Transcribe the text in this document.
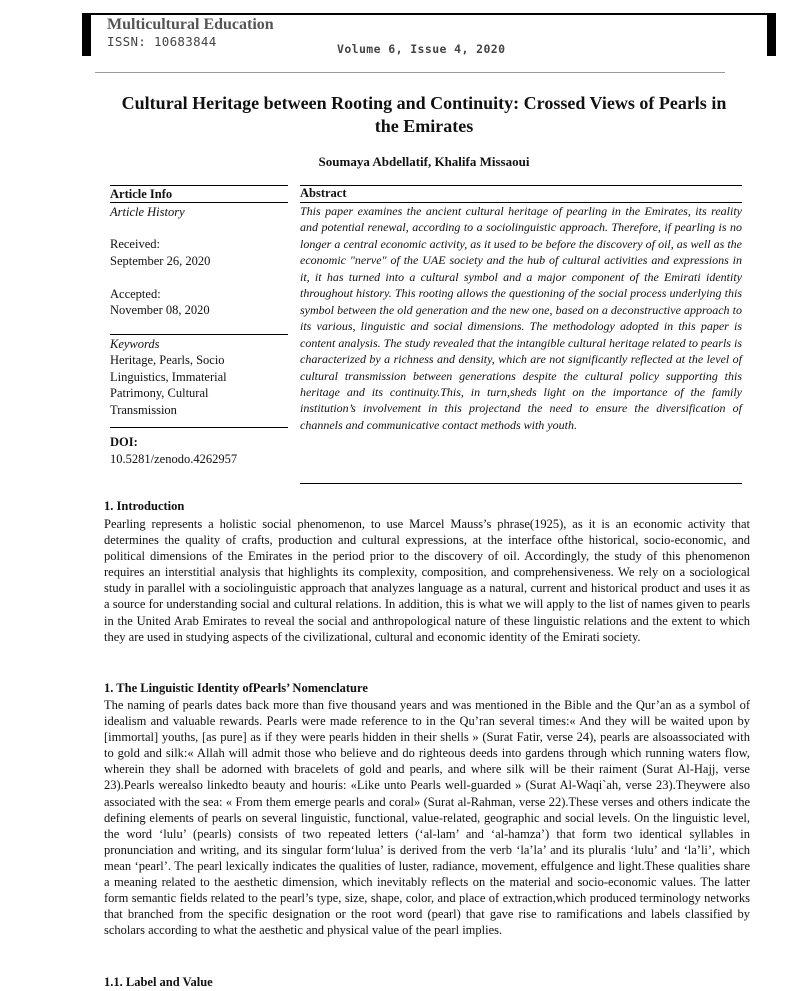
Multicultural Education
ISSN: 10683844	Volume 6, Issue 4, 2020
Cultural Heritage between Rooting and Continuity: Crossed Views of Pearls in the Emirates
Soumaya Abdellatif, Khalifa Missaoui
Article Info	Abstract
Article History
Received:
September 26, 2020
Accepted:
November 08, 2020
Keywords
Heritage, Pearls, Socio Linguistics, Immaterial Patrimony, Cultural Transmission
DOI:
10.5281/zenodo.4262957
This paper examines the ancient cultural heritage of pearling in the Emirates, its reality and potential renewal, according to a sociolinguistic approach. Therefore, if pearling is no longer a central economic activity, as it used to be before the discovery of oil, as well as the economic "nerve" of the UAE society and the hub of cultural activities and expressions in it, it has turned into a cultural symbol and a major component of the Emirati identity throughout history. This rooting allows the questioning of the social process underlying this symbol between the old generation and the new one, based on a deconstructive approach to its various, linguistic and social dimensions. The methodology adopted in this paper is content analysis. The study revealed that the intangible cultural heritage related to pearls is characterized by a richness and density, which are not significantly reflected at the level of cultural transmission between generations despite the cultural policy supporting this heritage and its continuity.This, in turn,sheds light on the importance of the family institution’s involvement in this projectand the need to ensure the diversification of channels and communicative contact methods with youth.
1. Introduction
Pearling represents a holistic social phenomenon, to use Marcel Mauss’s phrase(1925), as it is an economic activity that determines the quality of crafts, production and cultural expressions, at the interface ofthe historical, socio-economic, and political dimensions of the Emirates in the period prior to the discovery of oil. Accordingly, the study of this phenomenon requires an interstitial analysis that highlights its complexity, composition, and comprehensiveness. We rely on a sociological study in parallel with a sociolinguistic approach that analyzes language as a natural, current and historical product and uses it as a source for understanding social and cultural relations. In addition, this is what we will apply to the list of names given to pearls in the United Arab Emirates to reveal the social and anthropological nature of these linguistic relations and the extent to which they are used in studying aspects of the civilizational, cultural and economic identity of the Emirati society.
1. The Linguistic Identity ofPearls’ Nomenclature
The naming of pearls dates back more than five thousand years and was mentioned in the Bible and the Qur’an as a symbol of idealism and valuable rewards. Pearls were made reference to in the Qu’ran several times:« And they will be waited upon by [immortal] youths, [as pure] as if they were pearls hidden in their shells » (Surat Fatir, verse 24), pearls are alsoassociated with to gold and silk:« Allah will admit those who believe and do righteous deeds into gardens through which running waters flow, wherein they shall be adorned with bracelets of gold and pearls, and where silk will be their raiment (Surat Al-Hajj, verse 23).Pearls werealso linkedto beauty and houris: «Like unto Pearls well-guarded » (Surat Al-Waqi`ah, verse 23).Theywere also associated with the sea: « From them emerge pearls and coral» (Surat al-Rahman, verse 22).These verses and others indicate the defining elements of pearls on several linguistic, functional, value-related, geographic and social levels. On the linguistic level, the word ‘lulu’ (pearls) consists of two repeated letters (‘al-lam’ and ‘al-hamza’) that form two identical syllables in pronunciation and writing, and its singular form‘lulua’ is derived from the verb ‘la’la’ and its pluralis ‘lulu’ and ‘la’li’, which mean ‘pearl’. The pearl lexically indicates the qualities of luster, radiance, movement, effulgence and light.These qualities share a meaning related to the aesthetic dimension, which inevitably reflects on the material and socio-economic values. The latter form semantic fields related to the pearl’s type, size, shape, color, and place of extraction,which produced terminology networks that branched from the specific designation or the root word (pearl) that gave rise to ramifications and labels classified by scholars according to what the aesthetic and physical value of the pearl implies.
1.1. Label and Value
